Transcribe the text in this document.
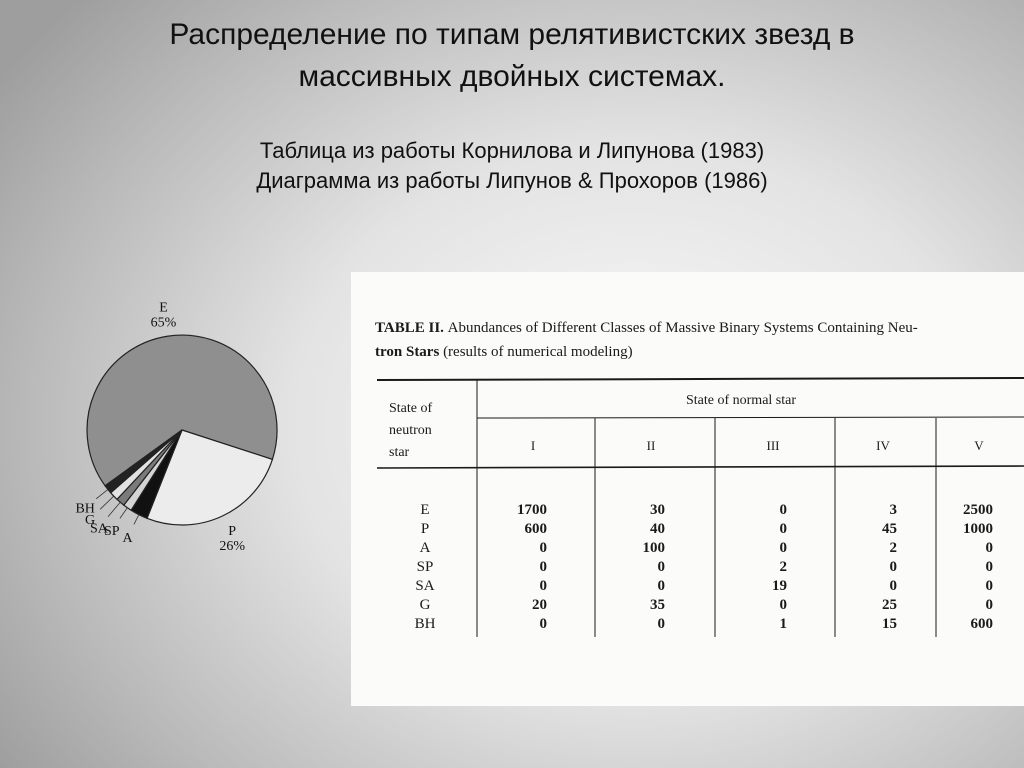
Распределение по типам релятивистских звезд в
массивных двойных системах.
Таблица из работы Корнилова и Липунова (1983)
Диаграмма из работы Липунов & Прохоров (1986)
E 65%
P 26%
A
SP
SA
G
BH
TABLE II. Abundances of Different Classes of Massive Binary Systems Containing Neu-
tron Stars (results of numerical modeling)
State of neutron star
State of normal star
I	II	III	IV	V
E	1700	30	0	3	2500
P	600	40	0	45	1000
A	0	100	0	2	0
SP	0	0	2	0	0
SA	0	0	19	0	0
G	20	35	0	25	0
BH	0	0	1	15	600
